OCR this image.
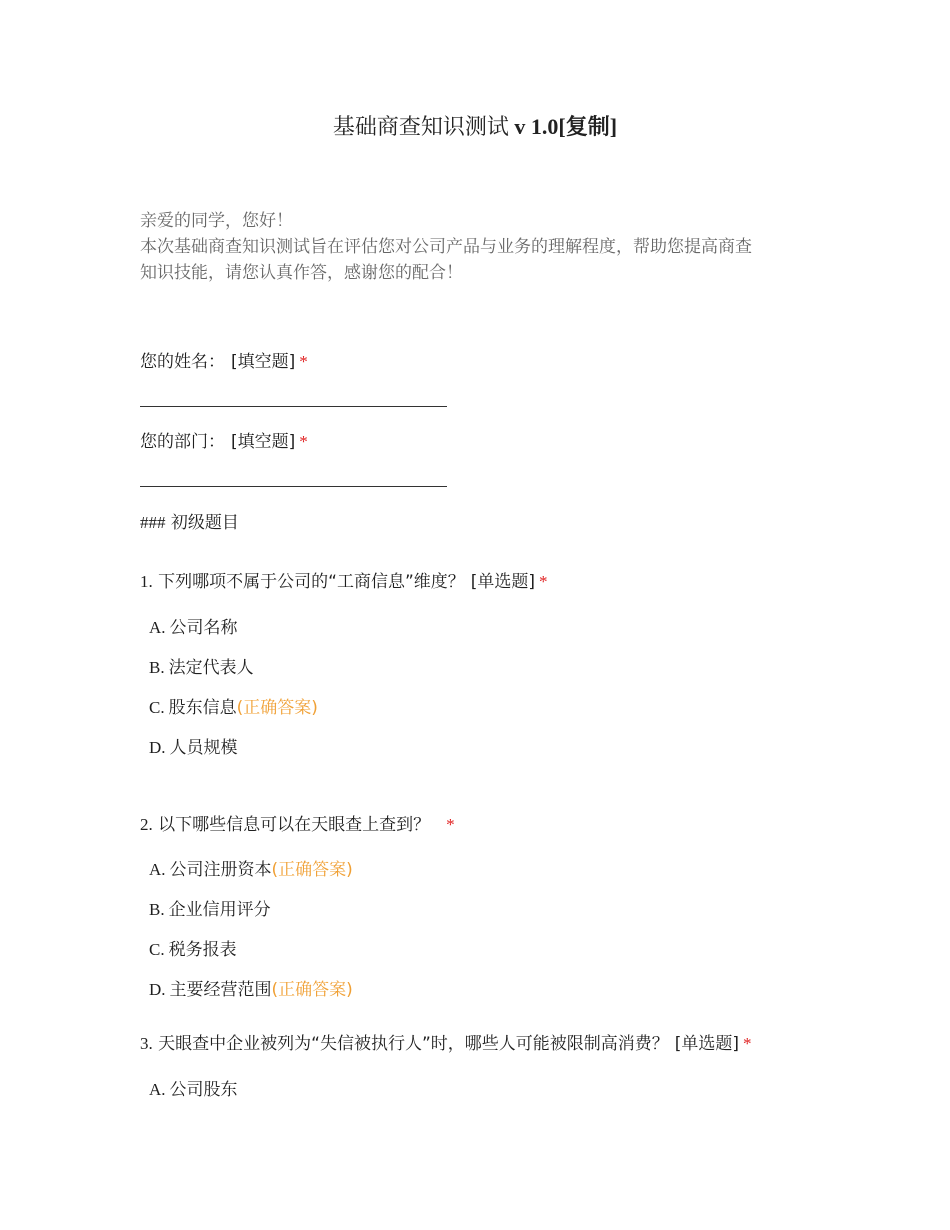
基础商查知识测试 v 1.0[复制]

亲爱的同学，您好！

本次基础商查知识测试旨在评估您对公司产品与业务的理解程度，帮助您提高商查

知识技能，请您认真作答，感谢您的配合！

您的姓名： [填空题] *
您的部门： [填空题] *
### 初级题目
1. 下列哪项不属于公司的“工商信息”维度？ [单选题] *
A. 公司名称
B. 法定代表人
C. 股东信息(正确答案)
D. 人员规模
2. 以下哪些信息可以在天眼查上查到？ *
A. 公司注册资本(正确答案)
B. 企业信用评分
C. 税务报表
D. 主要经营范围(正确答案)
3. 天眼查中企业被列为“失信被执行人”时，哪些人可能被限制高消费？ [单选题] *
A. 公司股东
